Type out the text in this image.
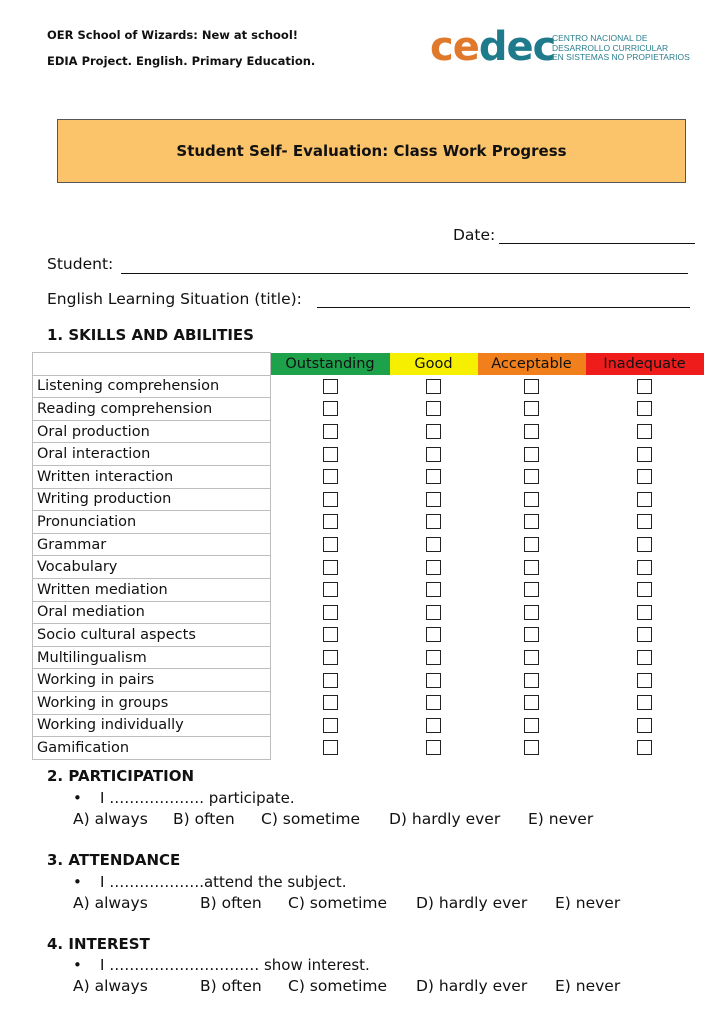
OER School of Wizards: New at school!
EDIA Project. English. Primary Education.	cedec
CENTRO NACIONAL DE
DESARROLLO CURRICULAR
EN SISTEMAS NO PROPIETARIOS
Student Self- Evaluation: Class Work Progress
Date:
Student:
English Learning Situation (title):
1. SKILLS AND ABILITIES
	Outstanding	Good	Acceptable	Inadequate
Listening comprehension				
Reading comprehension				
Oral production				
Oral interaction				
Written interaction				
Writing production				
Pronunciation				
Grammar				
Vocabulary				
Written mediation				
Oral mediation				
Socio cultural aspects				
Multilingualism				
Working in pairs				
Working in groups				
Working individually				
Gamification				
2. PARTICIPATION
• I ………………. participate.
A) always B) often C) sometime D) hardly ever E) never
3. ATTENDANCE
• I ……………….attend the subject.
A) always	B) often C) sometime D) hardly ever E) never
4. INTEREST
• I ………………………… show interest.
A) always	B) often C) sometime D) hardly ever E) never
